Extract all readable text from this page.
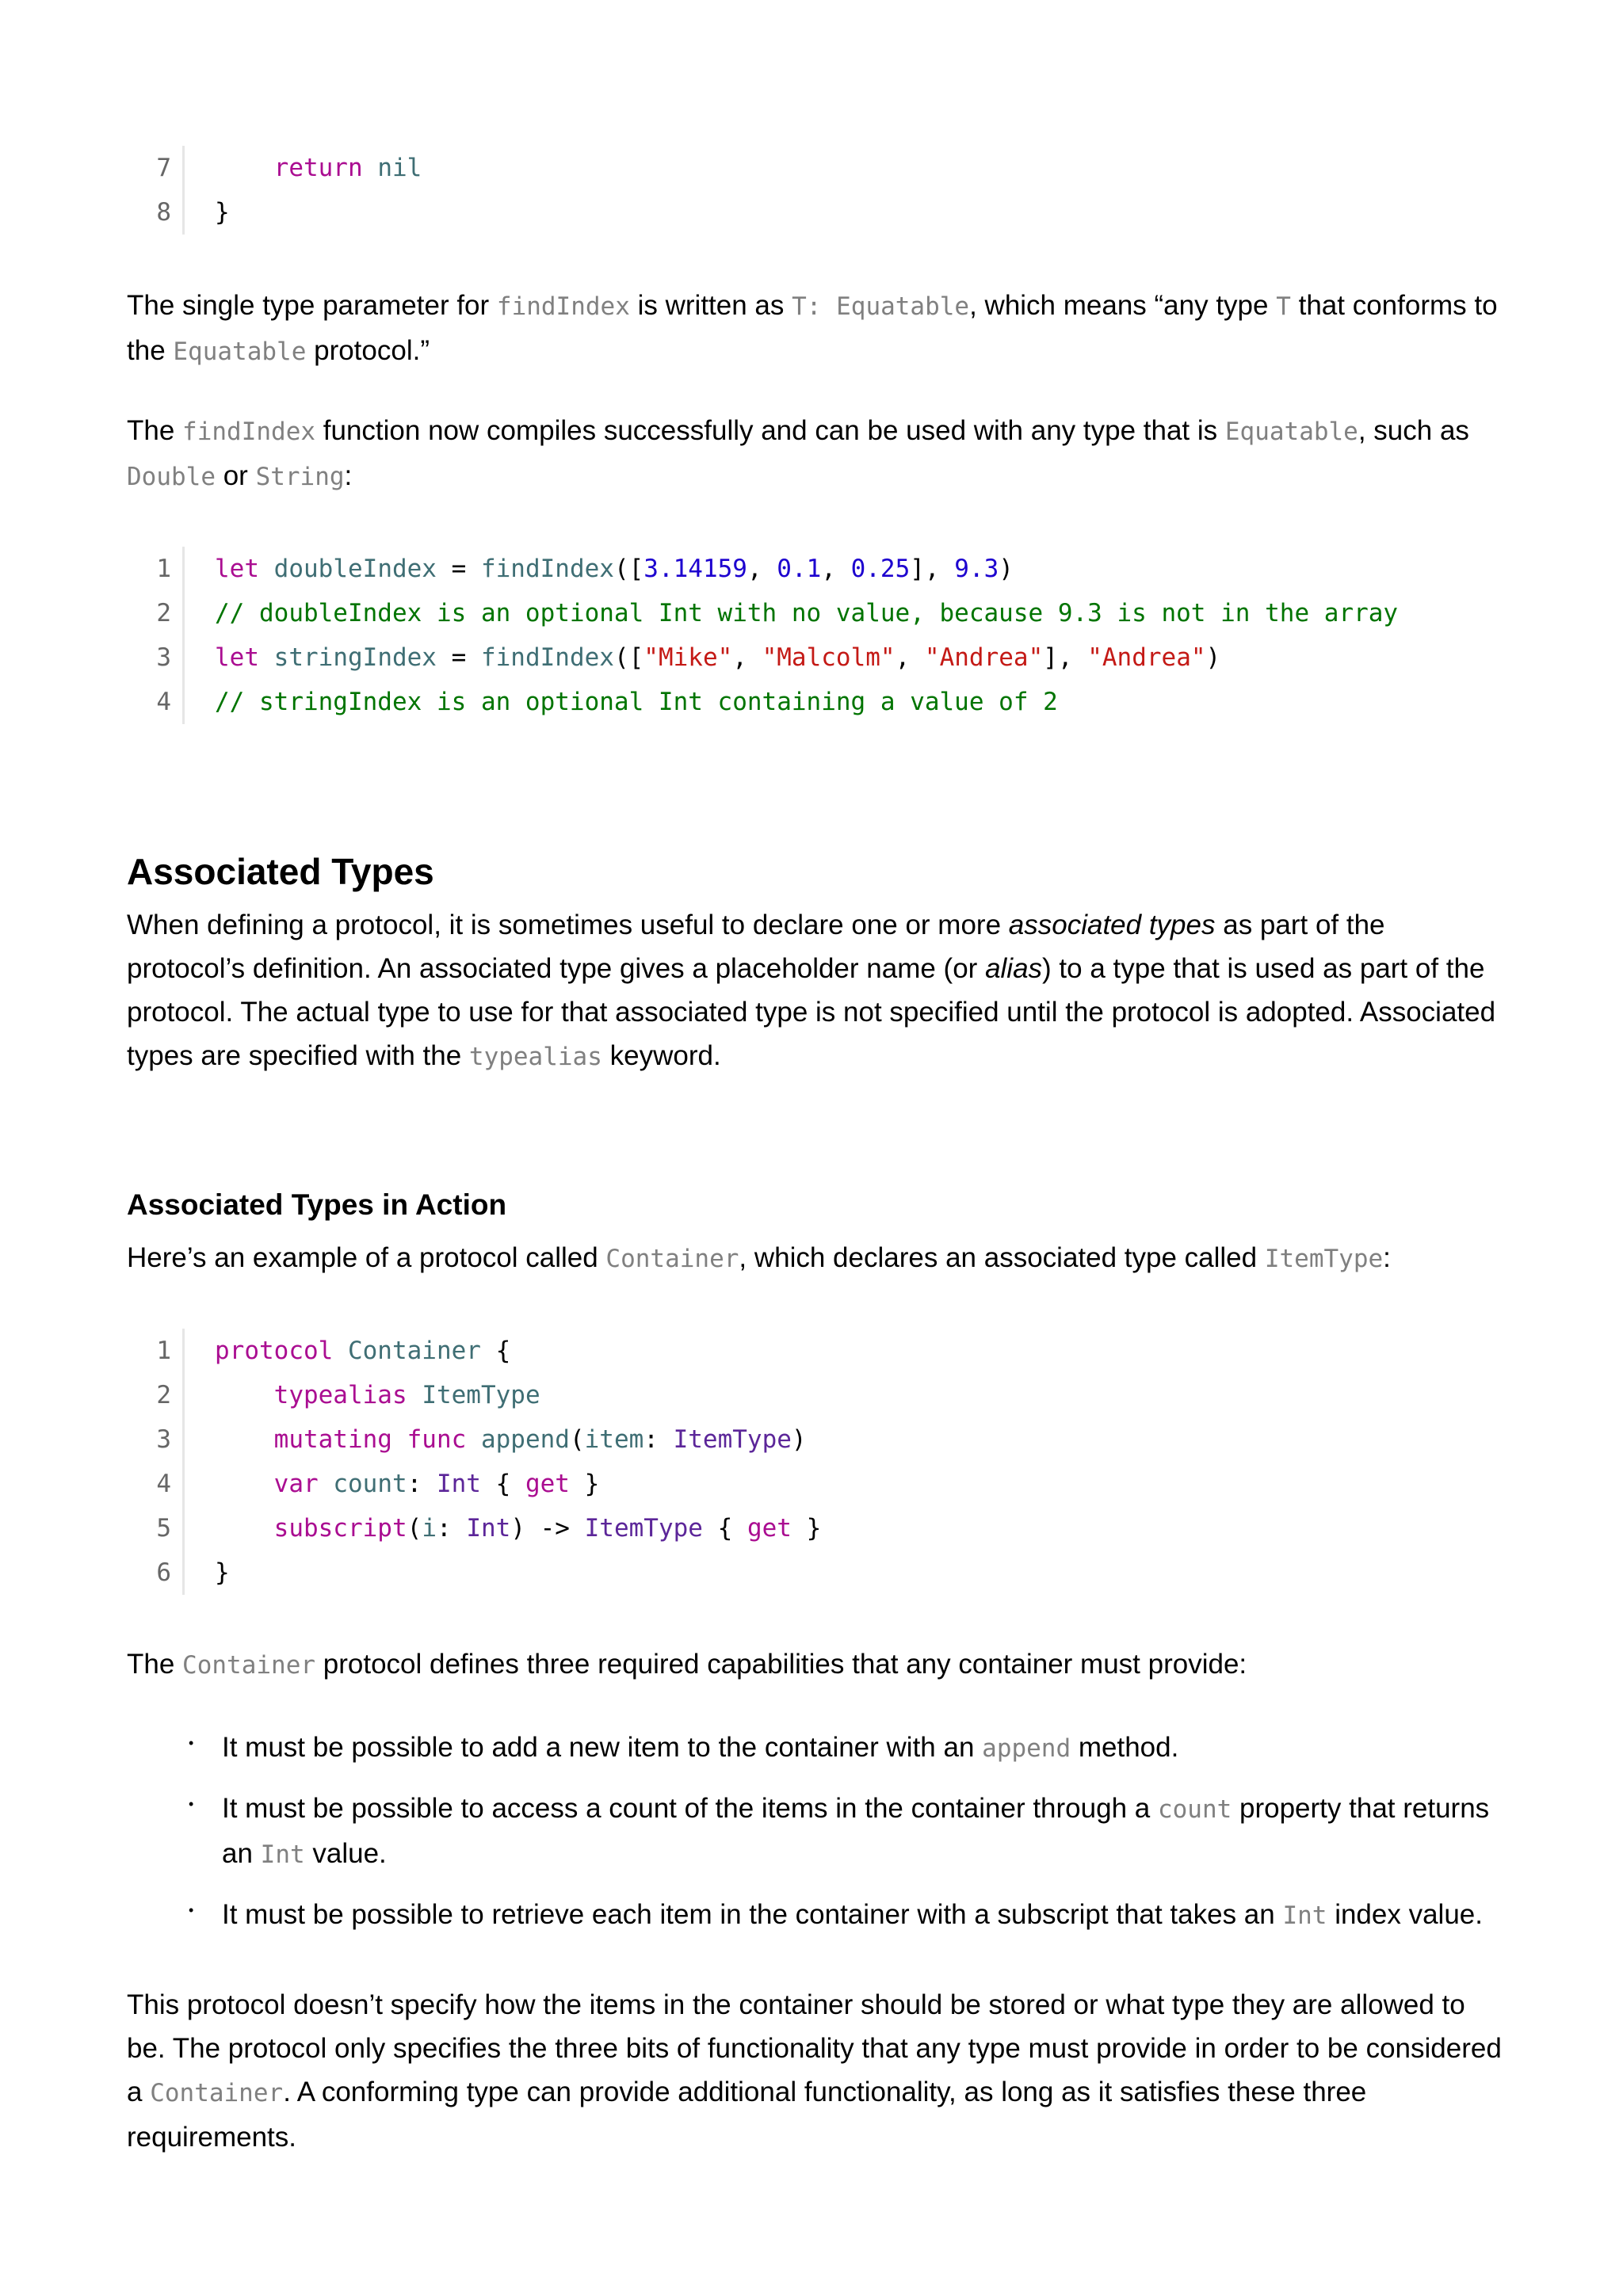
7	return nil
8	}

The single type parameter for findIndex is written as T: Equatable, which means “any type T that conforms to the Equatable protocol.”

The findIndex function now compiles successfully and can be used with any type that is Equatable, such as Double or String:

1	let doubleIndex = findIndex([3.14159, 0.1, 0.25], 9.3)
2	// doubleIndex is an optional Int with no value, because 9.3 is not in the array
3	let stringIndex = findIndex(["Mike", "Malcolm", "Andrea"], "Andrea")
4	// stringIndex is an optional Int containing a value of 2
Associated Types

When defining a protocol, it is sometimes useful to declare one or more associated types as part of the protocol’s definition. An associated type gives a placeholder name (or alias) to a type that is used as part of the protocol. The actual type to use for that associated type is not specified until the protocol is adopted. Associated types are specified with the typealias keyword.

Associated Types in Action

Here’s an example of a protocol called Container, which declares an associated type called ItemType:

1	protocol Container {
2	typealias ItemType
3	mutating func append(item: ItemType)
4	var count: Int { get }
5	subscript(i: Int) -> ItemType { get }
6	}

The Container protocol defines three required capabilities that any container must provide:

• It must be possible to add a new item to the container with an append method.
• It must be possible to access a count of the items in the container through a count property that returns an Int value.
• It must be possible to retrieve each item in the container with a subscript that takes an Int index value.

This protocol doesn’t specify how the items in the container should be stored or what type they are allowed to be. The protocol only specifies the three bits of functionality that any type must provide in order to be considered a Container. A conforming type can provide additional functionality, as long as it satisfies these three requirements.
